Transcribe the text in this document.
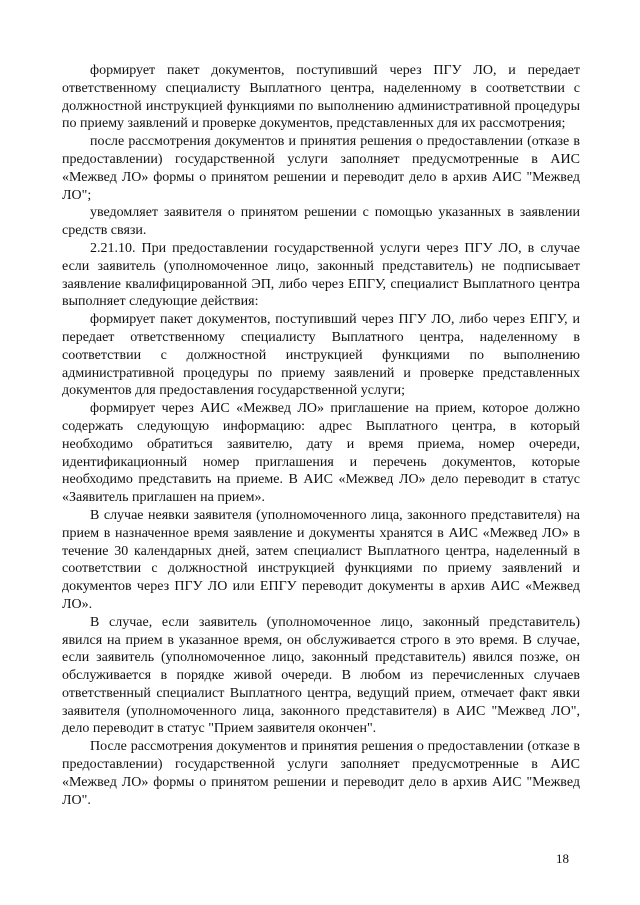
формирует пакет документов, поступивший через ПГУ ЛО, и передает ответственному специалисту Выплатного центра, наделенному в соответствии с должностной инструкцией функциями по выполнению административной процедуры по приему заявлений и проверке документов, представленных для их рассмотрения;

после рассмотрения документов и принятия решения о предоставлении (отказе в предоставлении) государственной услуги заполняет предусмотренные в АИС «Межвед ЛО» формы о принятом решении и переводит дело в архив АИС "Межвед ЛО";

уведомляет заявителя о принятом решении с помощью указанных в заявлении средств связи.

2.21.10. При предоставлении государственной услуги через ПГУ ЛО, в случае если заявитель (уполномоченное лицо, законный представитель) не подписывает заявление квалифицированной ЭП, либо через ЕПГУ, специалист Выплатного центра выполняет следующие действия:

формирует пакет документов, поступивший через ПГУ ЛО, либо через ЕПГУ, и передает ответственному специалисту Выплатного центра, наделенному в соответствии с должностной инструкцией функциями по выполнению административной процедуры по приему заявлений и проверке представленных документов для предоставления государственной услуги;

формирует через АИС «Межвед ЛО» приглашение на прием, которое должно содержать следующую информацию: адрес Выплатного центра, в который необходимо обратиться заявителю, дату и время приема, номер очереди, идентификационный номер приглашения и перечень документов, которые необходимо представить на приеме. В АИС «Межвед ЛО» дело переводит в статус «Заявитель приглашен на прием».

В случае неявки заявителя (уполномоченного лица, законного представителя) на прием в назначенное время заявление и документы хранятся в АИС «Межвед ЛО» в течение 30 календарных дней, затем специалист Выплатного центра, наделенный в соответствии с должностной инструкцией функциями по приему заявлений и документов через ПГУ ЛО или ЕПГУ переводит документы в архив АИС «Межвед ЛО».

В случае, если заявитель (уполномоченное лицо, законный представитель) явился на прием в указанное время, он обслуживается строго в это время. В случае, если заявитель (уполномоченное лицо, законный представитель) явился позже, он обслуживается в порядке живой очереди. В любом из перечисленных случаев ответственный специалист Выплатного центра, ведущий прием, отмечает факт явки заявителя (уполномоченного лица, законного представителя) в АИС "Межвед ЛО", дело переводит в статус "Прием заявителя окончен".

После рассмотрения документов и принятия решения о предоставлении (отказе в предоставлении) государственной услуги заполняет предусмотренные в АИС «Межвед ЛО» формы о принятом решении и переводит дело в архив АИС "Межвед ЛО".

18
